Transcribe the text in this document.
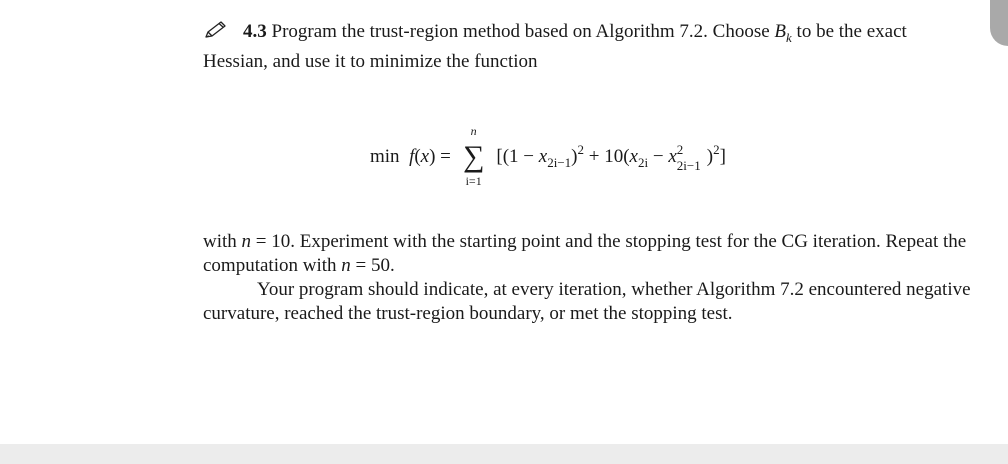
4.3 Program the trust-region method based on Algorithm 7.2. Choose $B_k$ to be the exact Hessian, and use it to minimize the function

min f(x) =
n
∑
i=1
[$(1 - x_{2i-1})^2 + 10(x_{2i} - x$ 2
2i−1 )$^2$]

with n = 10. Experiment with the starting point and the stopping test for the CG iteration. Repeat the computation with n = 50.
Your program should indicate, at every iteration, whether Algorithm 7.2 encountered negative curvature, reached the trust-region boundary, or met the stopping test.
